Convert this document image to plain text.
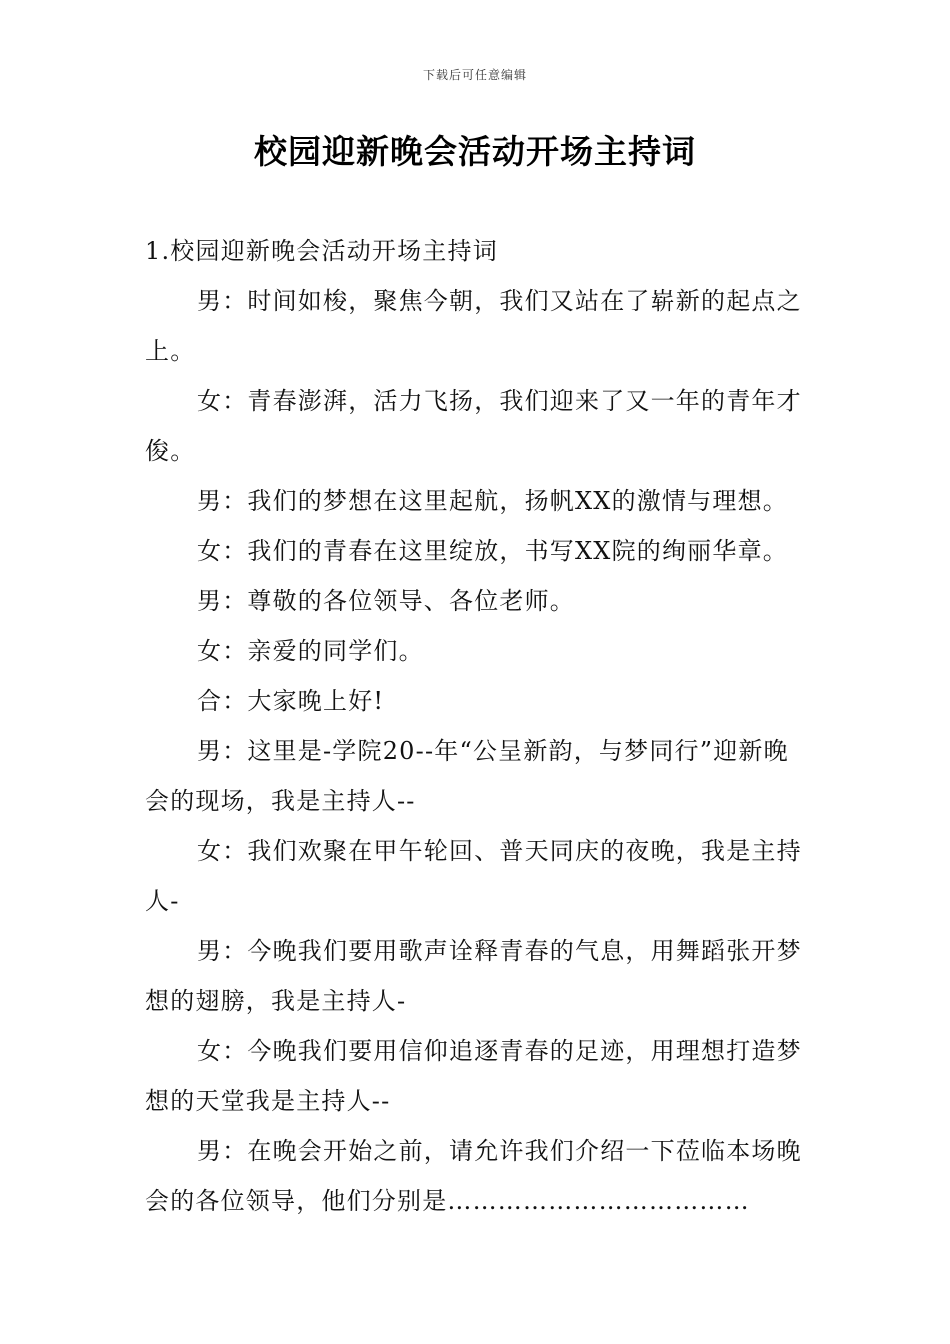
下载后可任意编辑
校园迎新晚会活动开场主持词

1.校园迎新晚会活动开场主持词

男：时间如梭，聚焦今朝，我们又站在了崭新的起点之上。

女：青春澎湃，活力飞扬，我们迎来了又一年的青年才俊。

男：我们的梦想在这里起航，扬帆XX的激情与理想。

女：我们的青春在这里绽放，书写XX院的绚丽华章。

男：尊敬的各位领导、各位老师。

女：亲爱的同学们。

合：大家晚上好!

男：这里是-学院20--年“公呈新韵，与梦同行”迎新晚会的现场，我是主持人--

女：我们欢聚在甲午轮回、普天同庆的夜晚，我是主持人-

男：今晚我们要用歌声诠释青春的气息，用舞蹈张开梦想的翅膀，我是主持人-

女：今晚我们要用信仰追逐青春的足迹，用理想打造梦想的天堂我是主持人--

男：在晚会开始之前，请允许我们介绍一下莅临本场晚会的各位领导，他们分别是………………………………
